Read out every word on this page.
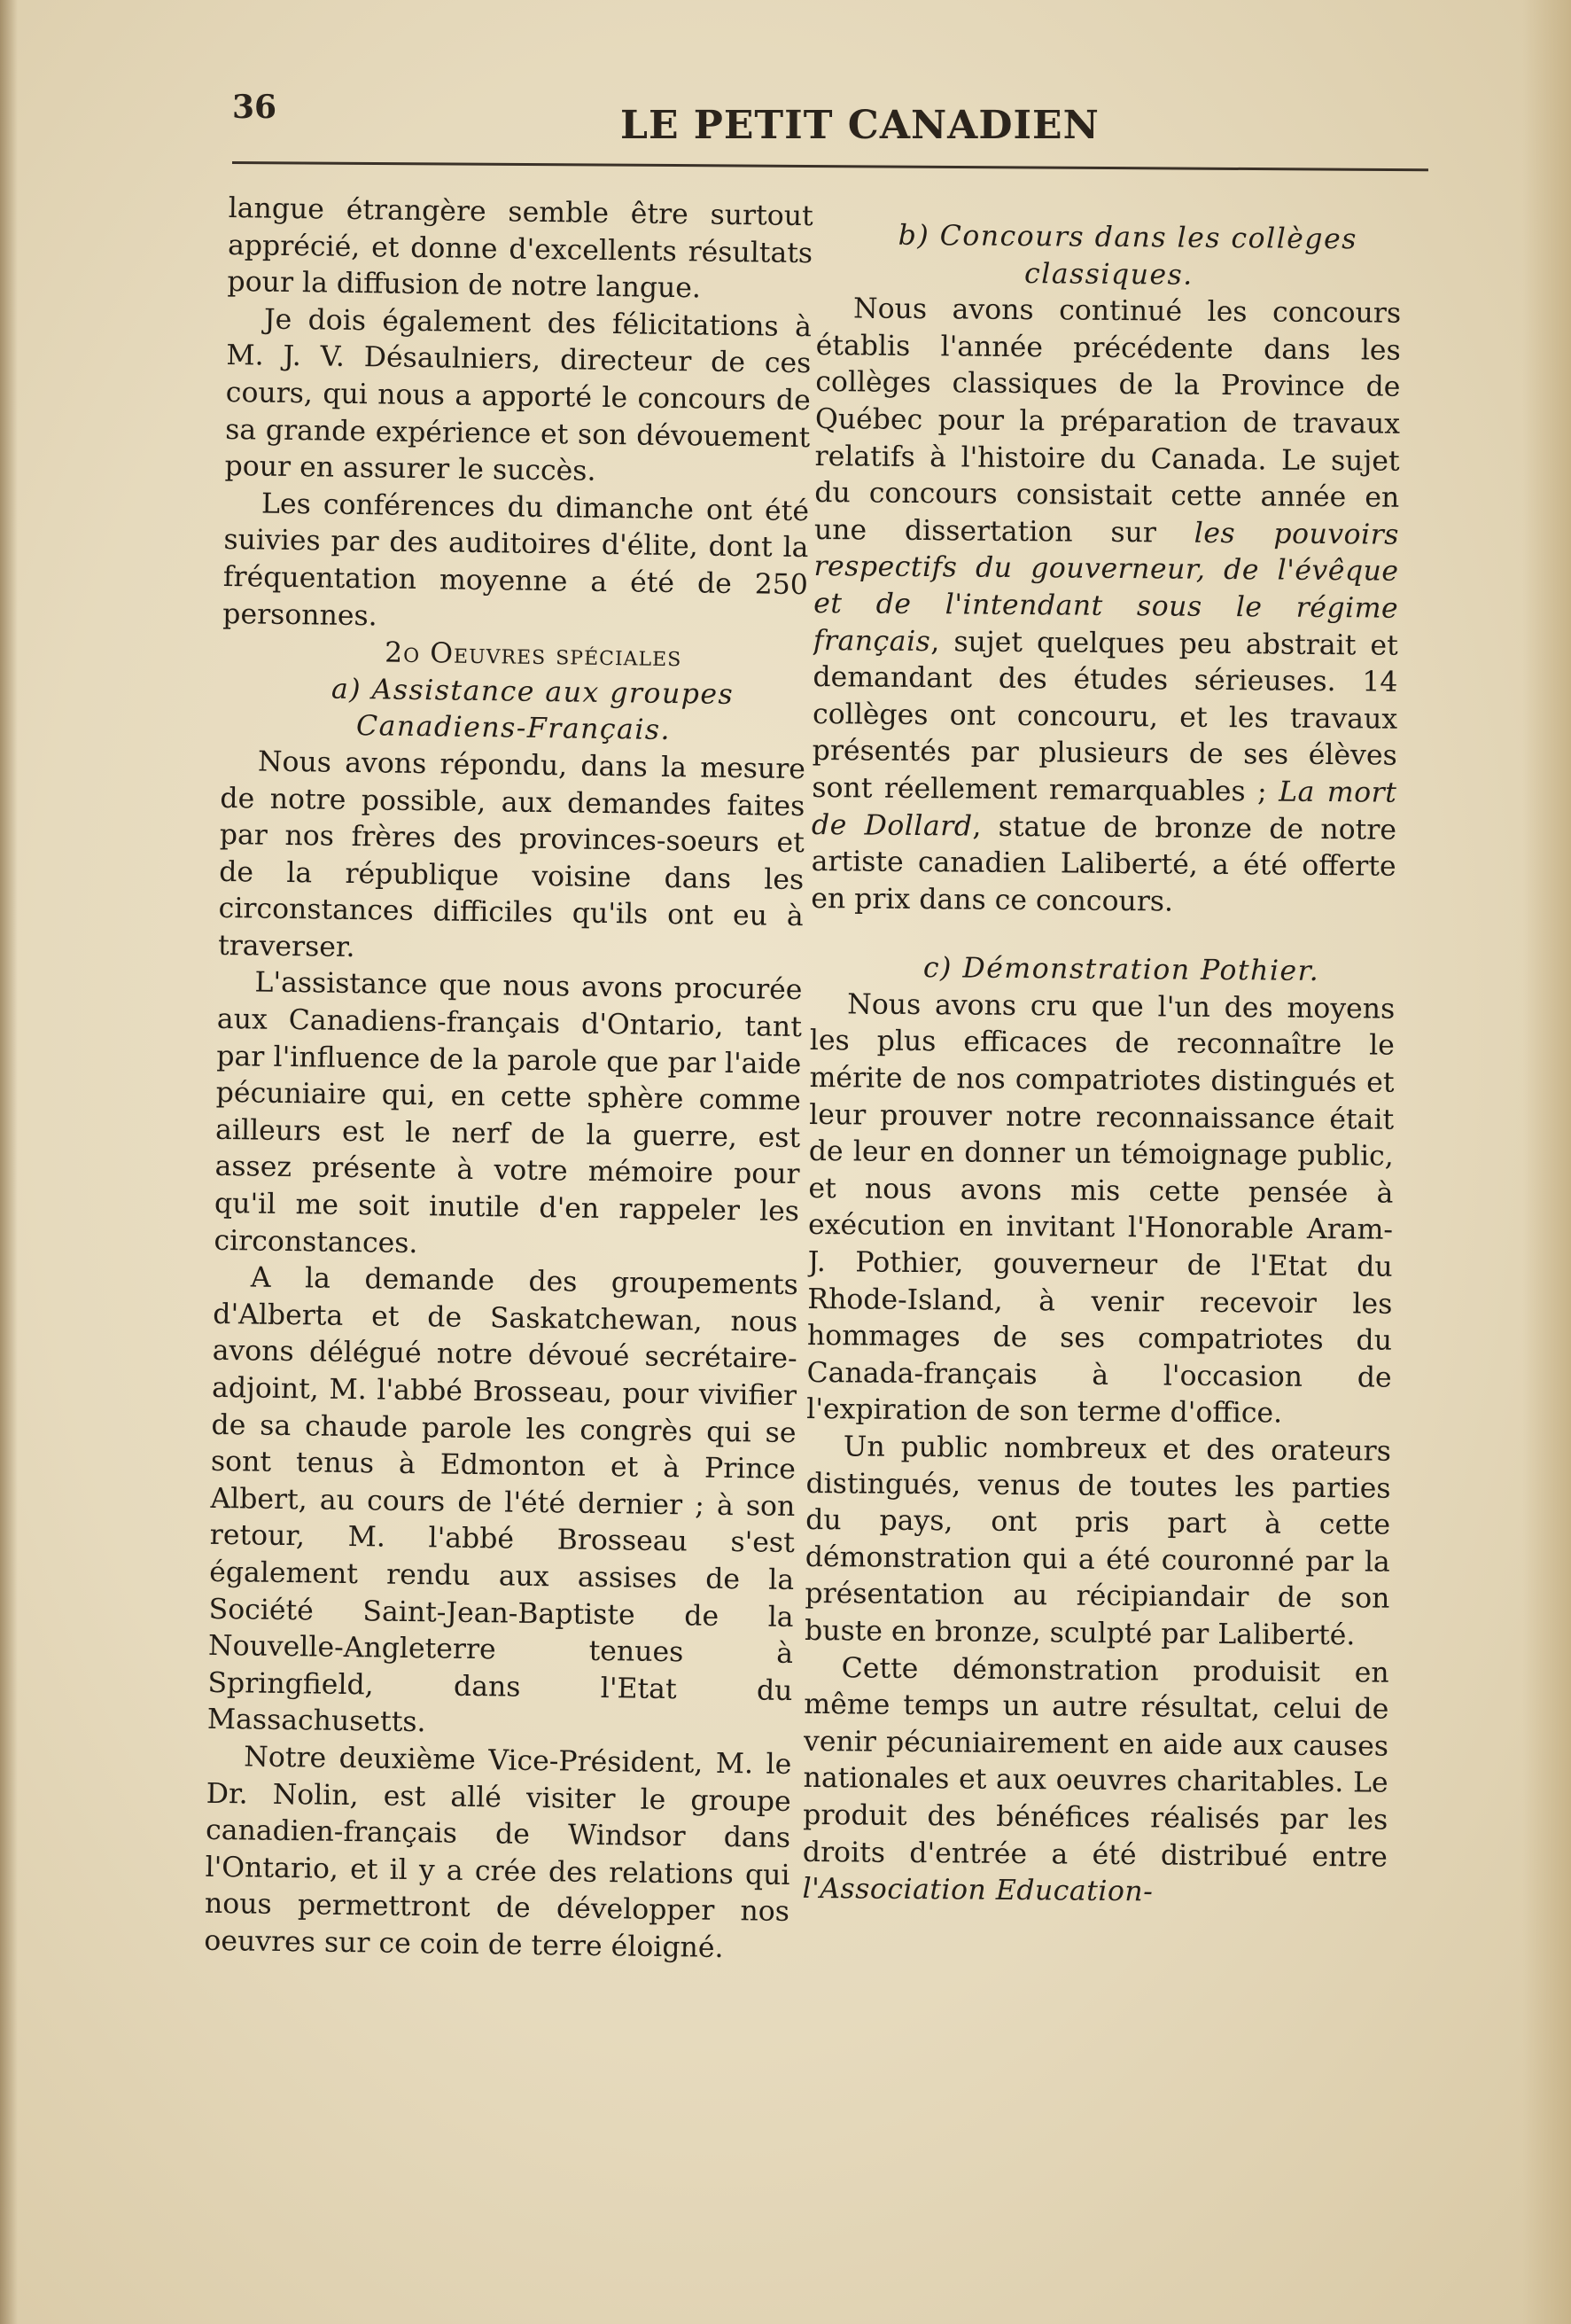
36	LE PETIT CANADIEN

langue étrangère semble être surtout apprécié, et donne d'excellents résultats pour la diffusion de notre langue.

Je dois également des félicitations à M. J. V. Désaulniers, directeur de ces cours, qui nous a apporté le concours de sa grande expérience et son dévouement pour en assurer le succès.

Les conférences du dimanche ont été suivies par des auditoires d'élite, dont la fréquentation moyenne a été de 250 personnes.

2o Oeuvres spéciales

a) Assistance aux groupes Canadiens-Français.

Nous avons répondu, dans la mesure de notre possible, aux demandes faites par nos frères des provinces-soeurs et de la république voisine dans les circonstances difficiles qu'ils ont eu à traverser.

L'assistance que nous avons procurée aux Canadiens-français d'Ontario, tant par l'influence de la parole que par l'aide pécuniaire qui, en cette sphère comme ailleurs est le nerf de la guerre, est assez présente à votre mémoire pour qu'il me soit inutile d'en rappeler les circonstances.

A la demande des groupements d'Alberta et de Saskatchewan, nous avons délégué notre dévoué secrétaire-adjoint, M. l'abbé Brosseau, pour vivifier de sa chaude parole les congrès qui se sont tenus à Edmonton et à Prince Albert, au cours de l'été dernier ; à son retour, M. l'abbé Brosseau s'est également rendu aux assises de la Société Saint-Jean-Baptiste de la Nouvelle-Angleterre tenues à Springfield, dans l'Etat du Massachusetts.

Notre deuxième Vice-Président, M. le Dr. Nolin, est allé visiter le groupe canadien-français de Windsor dans l'Ontario, et il y a crée des relations qui nous permettront de développer nos oeuvres sur ce coin de terre éloigné.

b) Concours dans les collèges classiques.

Nous avons continué les concours établis l'année précédente dans les collèges classiques de la Province de Québec pour la préparation de travaux relatifs à l'histoire du Canada. Le sujet du concours consistait cette année en une dissertation sur les pouvoirs respectifs du gouverneur, de l'évêque et de l'intendant sous le régime français, sujet quelques peu abstrait et demandant des études sérieuses. 14 collèges ont concouru, et les travaux présentés par plusieurs de ses élèves sont réellement remarquables ; La mort de Dollard, statue de bronze de notre artiste canadien Laliberté, a été offerte en prix dans ce concours.

c) Démonstration Pothier.

Nous avons cru que l'un des moyens les plus efficaces de reconnaître le mérite de nos compatriotes distingués et leur prouver notre reconnaissance était de leur en donner un témoignage public, et nous avons mis cette pensée à exécution en invitant l'Honorable Aram-J. Pothier, gouverneur de l'Etat du Rhode-Island, à venir recevoir les hommages de ses compatriotes du Canada-français à l'occasion de l'expiration de son terme d'office.

Un public nombreux et des orateurs distingués, venus de toutes les parties du pays, ont pris part à cette démonstration qui a été couronné par la présentation au récipiandair de son buste en bronze, sculpté par Laliberté.

Cette démonstration produisit en même temps un autre résultat, celui de venir pécuniairement en aide aux causes nationales et aux oeuvres charitables. Le produit des bénéfices réalisés par les droits d'entrée a été distribué entre l'Association Education-
